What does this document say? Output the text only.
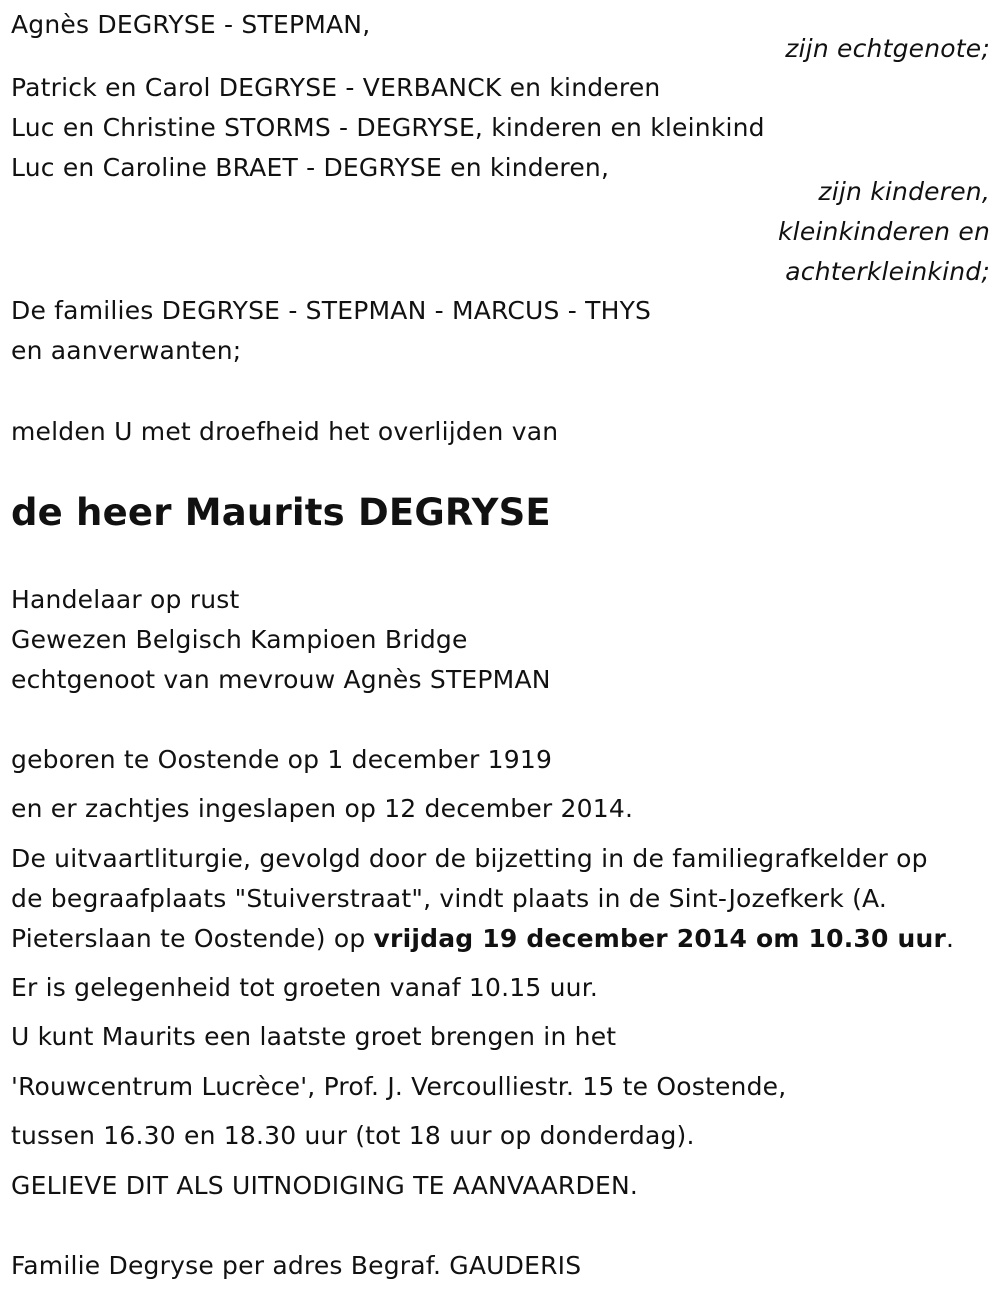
Agnès DEGRYSE - STEPMAN,
zijn echtgenote;
Patrick en Carol DEGRYSE - VERBANCK en kinderen
Luc en Christine STORMS - DEGRYSE, kinderen en kleinkind
Luc en Caroline BRAET - DEGRYSE en kinderen,
zijn kinderen,
kleinkinderen en
achterkleinkind;
De families DEGRYSE - STEPMAN - MARCUS - THYS
en aanverwanten;
melden U met droefheid het overlijden van
de heer Maurits DEGRYSE
Handelaar op rust
Gewezen Belgisch Kampioen Bridge
echtgenoot van mevrouw Agnès STEPMAN
geboren te Oostende op 1 december 1919
en er zachtjes ingeslapen op 12 december 2014.
De uitvaartliturgie, gevolgd door de bijzetting in de familiegrafkelder op
de begraafplaats "Stuiverstraat", vindt plaats in de Sint-Jozefkerk (A.
Pieterslaan te Oostende) op vrijdag 19 december 2014 om 10.30 uur.
Er is gelegenheid tot groeten vanaf 10.15 uur.
U kunt Maurits een laatste groet brengen in het
'Rouwcentrum Lucrèce', Prof. J. Vercoulliestr. 15 te Oostende,
tussen 16.30 en 18.30 uur (tot 18 uur op donderdag).
GELIEVE DIT ALS UITNODIGING TE AANVAARDEN.
Familie Degryse per adres Begraf. GAUDERIS
